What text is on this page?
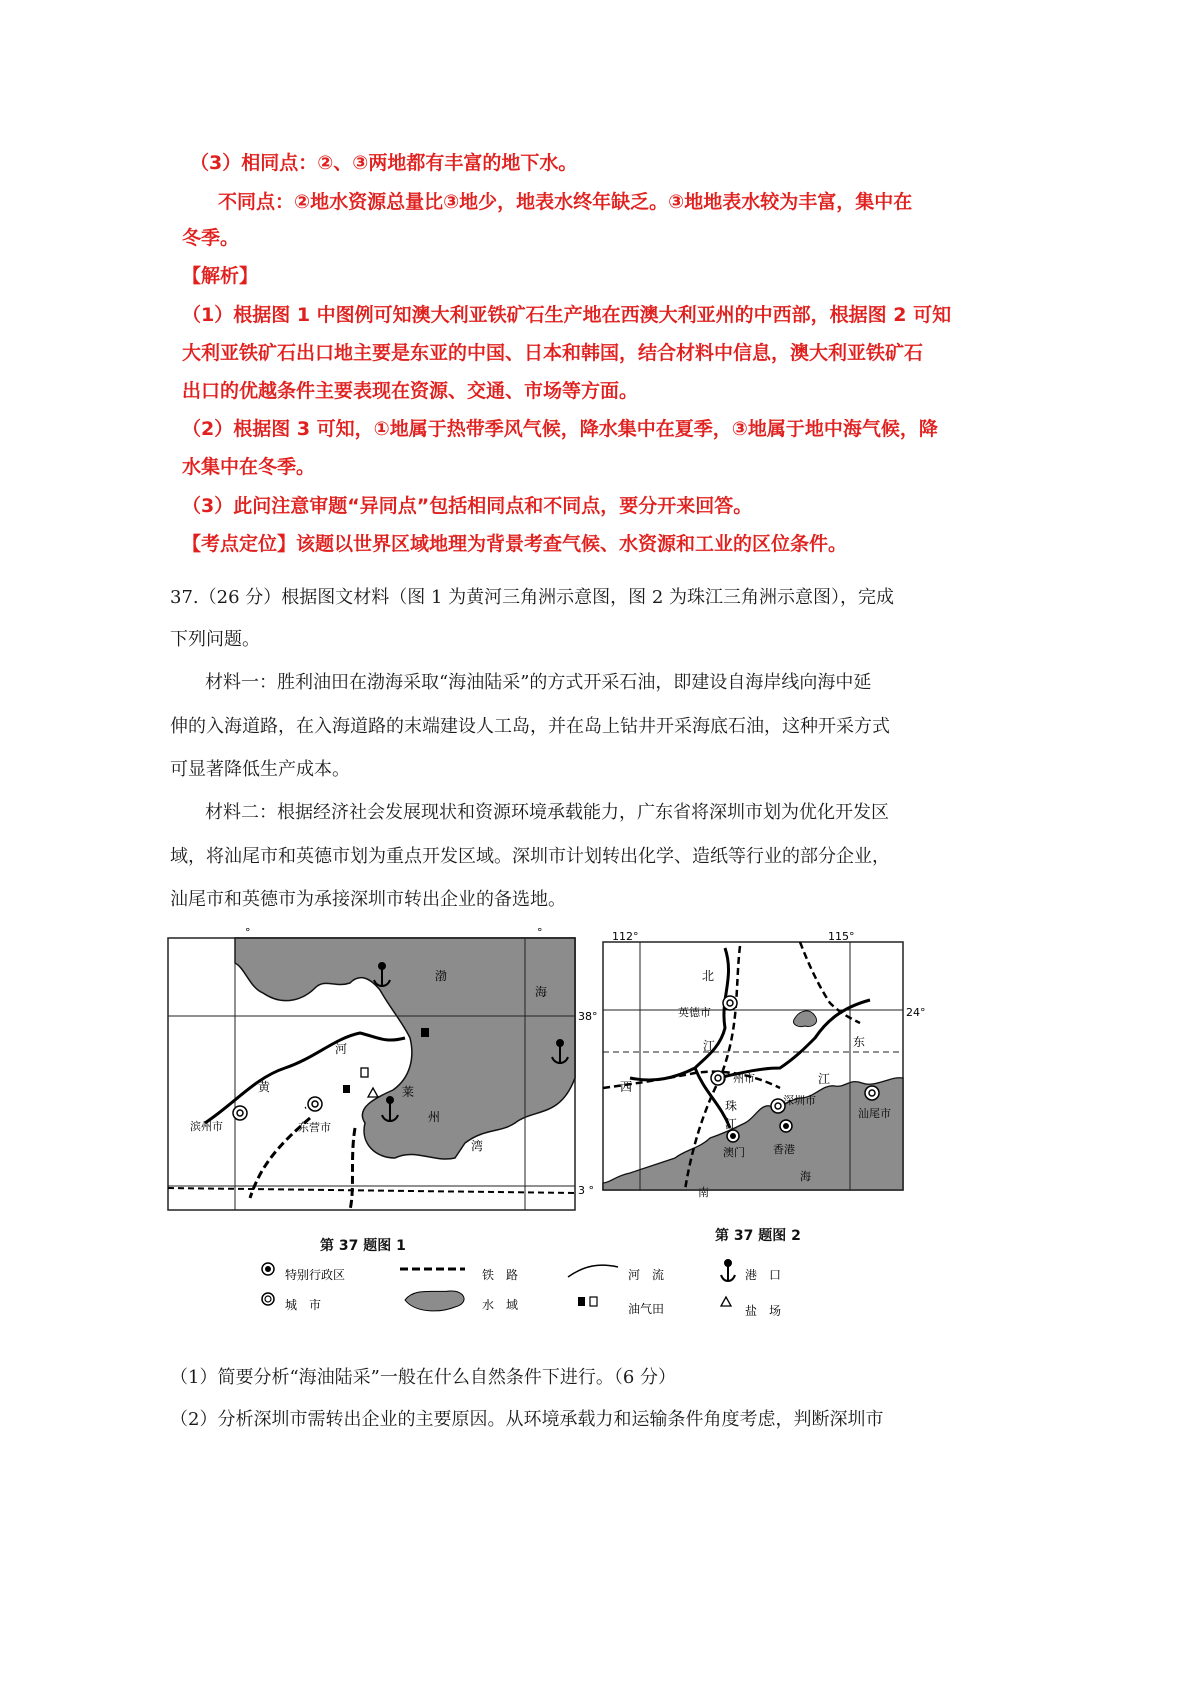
（3）相同点：②、③两地都有丰富的地下水。
不同点：②地水资源总量比③地少，地表水终年缺乏。③地地表水较为丰富，集中在
冬季。
【解析】
（1）根据图 1 中图例可知澳大利亚铁矿石生产地在西澳大利亚州的中西部，根据图 2 可知
大利亚铁矿石出口地主要是东亚的中国、日本和韩国，结合材料中信息，澳大利亚铁矿石
出口的优越条件主要表现在资源、交通、市场等方面。
（2）根据图 3 可知，①地属于热带季风气候，降水集中在夏季，③地属于地中海气候，降
水集中在冬季。
（3）此问注意审题“异同点”包括相同点和不同点，要分开来回答。
【考点定位】该题以世界区域地理为背景考查气候、水资源和工业的区位条件。
37.（26 分）根据图文材料（图 1 为黄河三角洲示意图，图 2 为珠江三角洲示意图），完成
下列问题。
材料一：胜利油田在渤海采取“海油陆采”的方式开采石油，即建设自海岸线向海中延
伸的入海道路，在入海道路的末端建设人工岛，并在岛上钻井开采海底石油，这种开采方式
可显著降低生产成本。
材料二：根据经济社会发展现状和资源环境承载能力，广东省将深圳市划为优化开发区
域，将汕尾市和英德市划为重点开发区域。深圳市计划转出化学、造纸等行业的部分企业，
汕尾市和英德市为承接深圳市转出企业的备选地。
°	°
渤
海
莱
州
湾
河
黄
滨州市	东营市
38°
3 °
第 37 题图 1
112°	115°
24°
北
江
英德市
西
广州市
珠
江
东
江
深圳市
汕尾市
澳门	香港
南
海
第 37 题图 2
特别行政区
城　市
铁　路
水　域
河　流
油气田
港　口
盐　场
（1）简要分析“海油陆采”一般在什么自然条件下进行。（6 分）
（2）分析深圳市需转出企业的主要原因。从环境承载力和运输条件角度考虑，判断深圳市
